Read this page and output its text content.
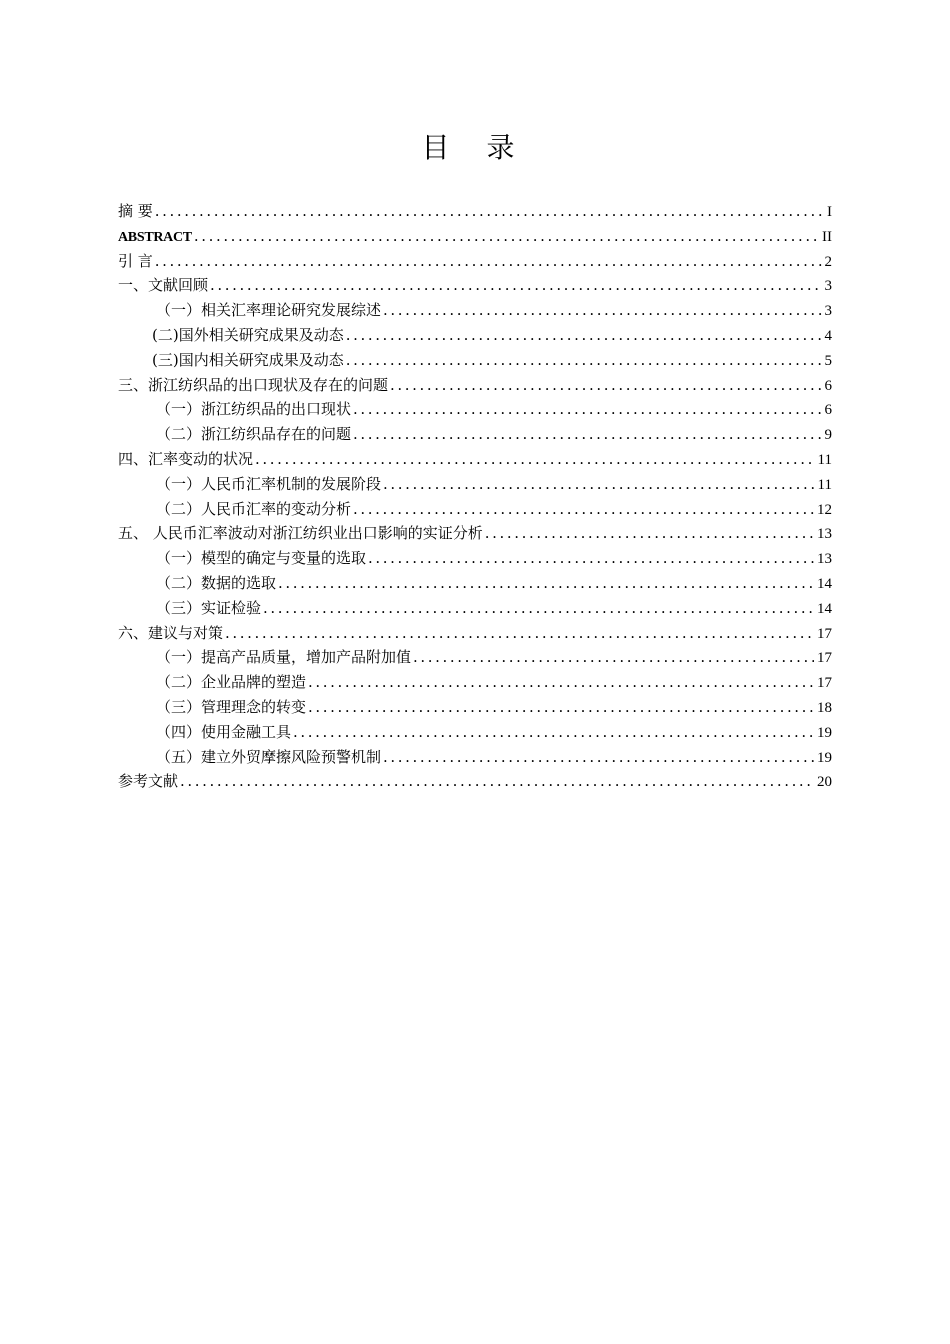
目 录
摘 要 .....	I
ABSTRACT .....	II
引 言 .....	2
一、文献回顾 .....	3
（一）相关汇率理论研究发展综述 .....	3
(二)国外相关研究成果及动态 .....	4
(三)国内相关研究成果及动态 .....	5
三、浙江纺织品的出口现状及存在的问题 .....	6
（一）浙江纺织品的出口现状 .....	6
（二）浙江纺织品存在的问题 .....	9
四、汇率变动的状况 .....	11
（一）人民币汇率机制的发展阶段 .....	11
（二）人民币汇率的变动分析 .....	12
五、 人民币汇率波动对浙江纺织业出口影响的实证分析 .....	13
（一）模型的确定与变量的选取 .....	13
（二）数据的选取 .....	14
（三）实证检验 .....	14
六、建议与对策 .....	17
（一）提高产品质量，增加产品附加值 .....	17
（二）企业品牌的塑造 .....	17
（三）管理理念的转变 .....	18
（四）使用金融工具 .....	19
（五）建立外贸摩擦风险预警机制 .....	19
参考文献 .....	20
